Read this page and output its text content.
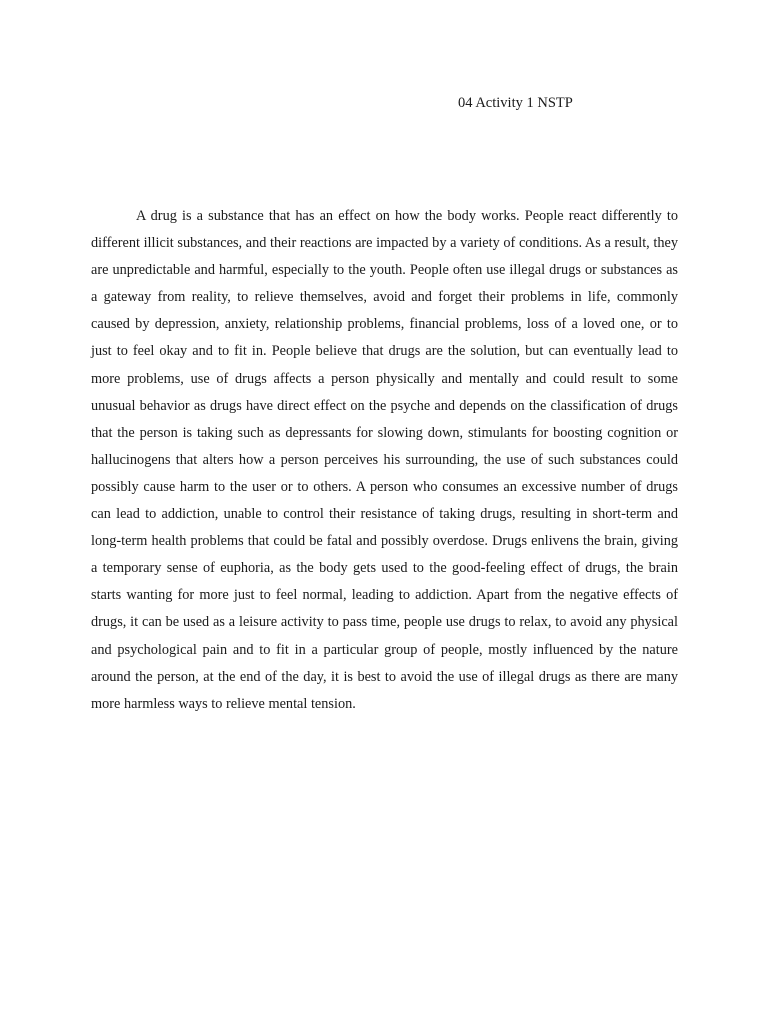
04 Activity 1 NSTP

A drug is a substance that has an effect on how the body works. People react differently to different illicit substances, and their reactions are impacted by a variety of conditions. As a result, they are unpredictable and harmful, especially to the youth. People often use illegal drugs or substances as a gateway from reality, to relieve themselves, avoid and forget their problems in life, commonly caused by depression, anxiety, relationship problems, financial problems, loss of a loved one, or to just to feel okay and to fit in. People believe that drugs are the solution, but can eventually lead to more problems, use of drugs affects a person physically and mentally and could result to some unusual behavior as drugs have direct effect on the psyche and depends on the classification of drugs that the person is taking such as depressants for slowing down, stimulants for boosting cognition or hallucinogens that alters how a person perceives his surrounding, the use of such substances could possibly cause harm to the user or to others. A person who consumes an excessive number of drugs can lead to addiction, unable to control their resistance of taking drugs, resulting in short-term and long-term health problems that could be fatal and possibly overdose. Drugs enlivens the brain, giving a temporary sense of euphoria, as the body gets used to the good-feeling effect of drugs, the brain starts wanting for more just to feel normal, leading to addiction. Apart from the negative effects of drugs, it can be used as a leisure activity to pass time, people use drugs to relax, to avoid any physical and psychological pain and to fit in a particular group of people, mostly influenced by the nature around the person, at the end of the day, it is best to avoid the use of illegal drugs as there are many more harmless ways to relieve mental tension.
